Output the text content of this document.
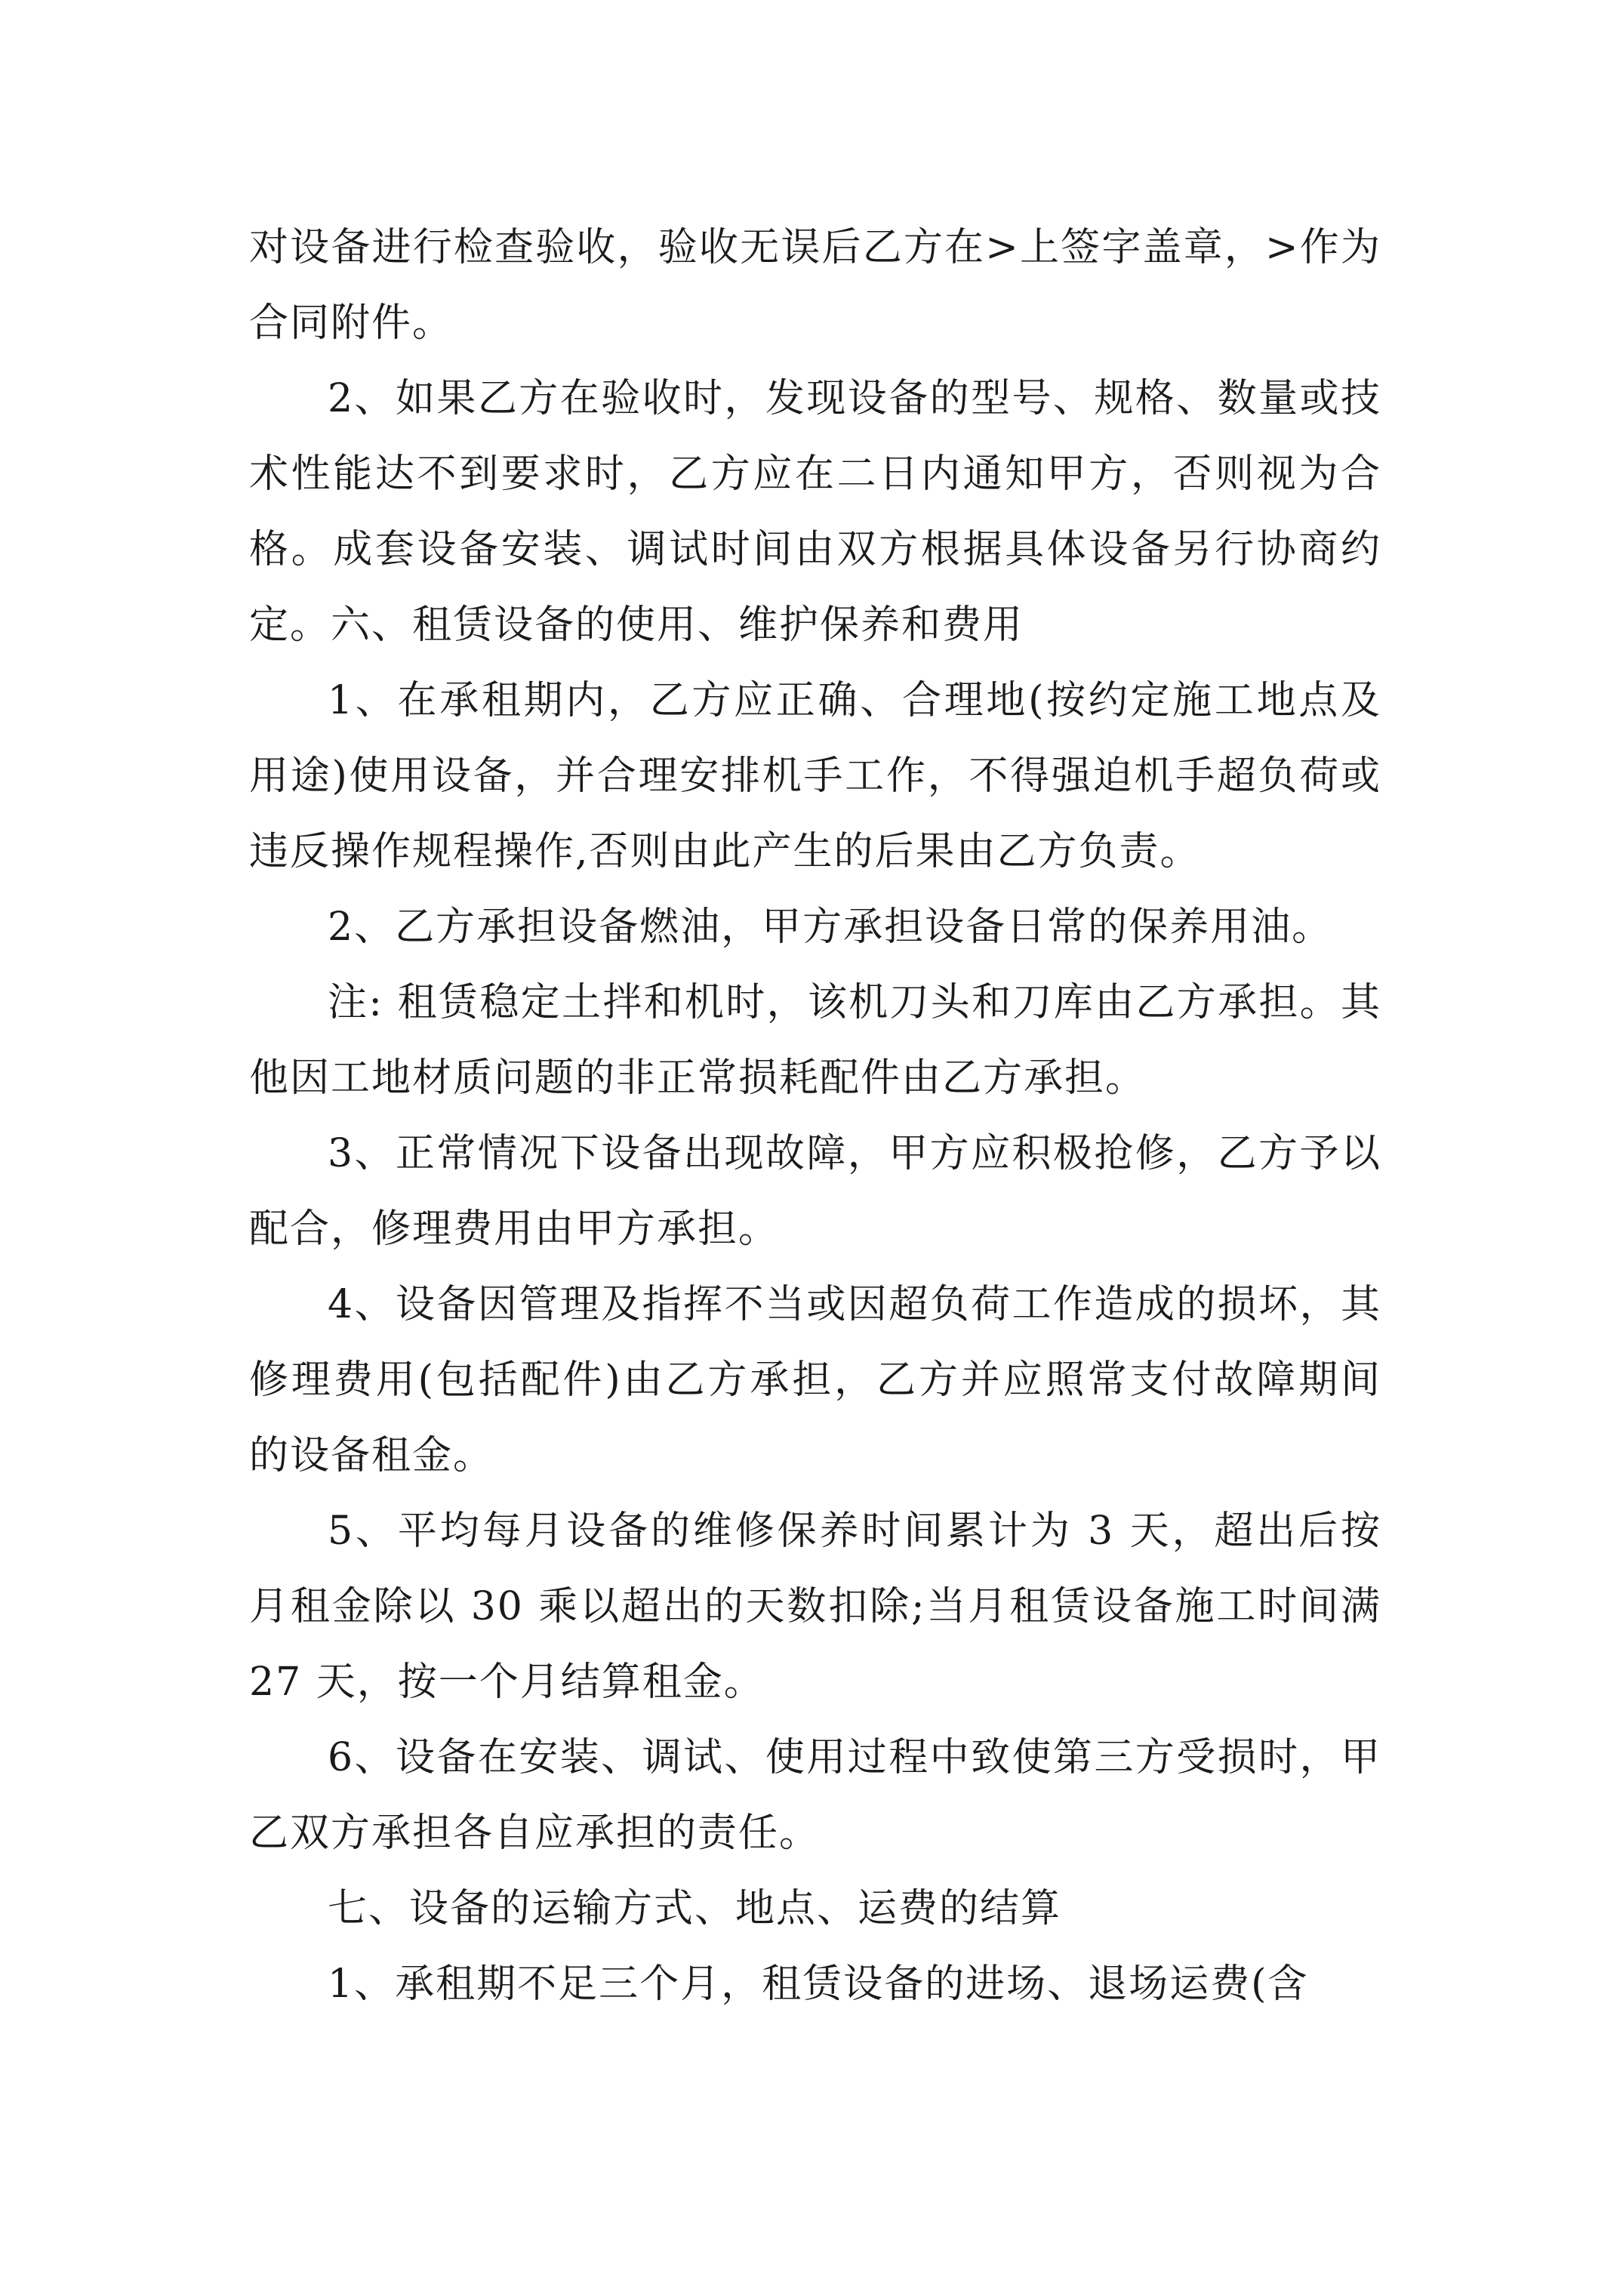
对设备进行检查验收，验收无误后乙方在>上签字盖章，>作为合同附件。

2、如果乙方在验收时，发现设备的型号、规格、数量或技术性能达不到要求时，乙方应在二日内通知甲方，否则视为合格。成套设备安装、调试时间由双方根据具体设备另行协商约定。六、租赁设备的使用、维护保养和费用

1、在承租期内，乙方应正确、合理地(按约定施工地点及用途)使用设备，并合理安排机手工作，不得强迫机手超负荷或违反操作规程操作,否则由此产生的后果由乙方负责。

2、乙方承担设备燃油，甲方承担设备日常的保养用油。

注: 租赁稳定土拌和机时，该机刀头和刀库由乙方承担。其他因工地材质问题的非正常损耗配件由乙方承担。

3、正常情况下设备出现故障，甲方应积极抢修，乙方予以配合，修理费用由甲方承担。

4、设备因管理及指挥不当或因超负荷工作造成的损坏，其修理费用(包括配件)由乙方承担，乙方并应照常支付故障期间的设备租金。

5、平均每月设备的维修保养时间累计为 3 天，超出后按月租金除以 30 乘以超出的天数扣除;当月租赁设备施工时间满 27 天，按一个月结算租金。

6、设备在安装、调试、使用过程中致使第三方受损时，甲乙双方承担各自应承担的责任。

七、设备的运输方式、地点、运费的结算

1、承租期不足三个月，租赁设备的进场、退场运费(含
